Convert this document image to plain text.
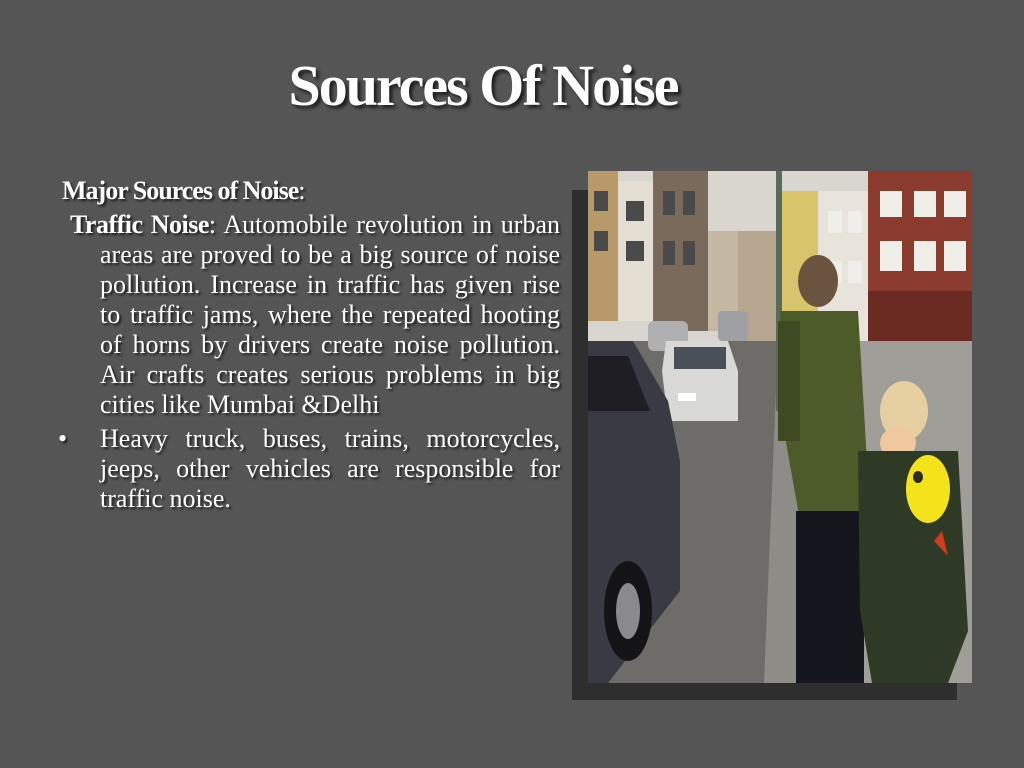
Sources Of Noise
Major Sources of Noise:

Traffic Noise: Automobile revolution in urban areas are proved to be a big source of noise pollution. Increase in traffic has given rise to traffic jams, where the repeated hooting of horns by drivers create noise pollution. Air crafts creates serious problems in big cities like Mumbai &Delhi

• Heavy truck, buses, trains, motorcycles, jeeps, other vehicles are responsible for traffic noise.
